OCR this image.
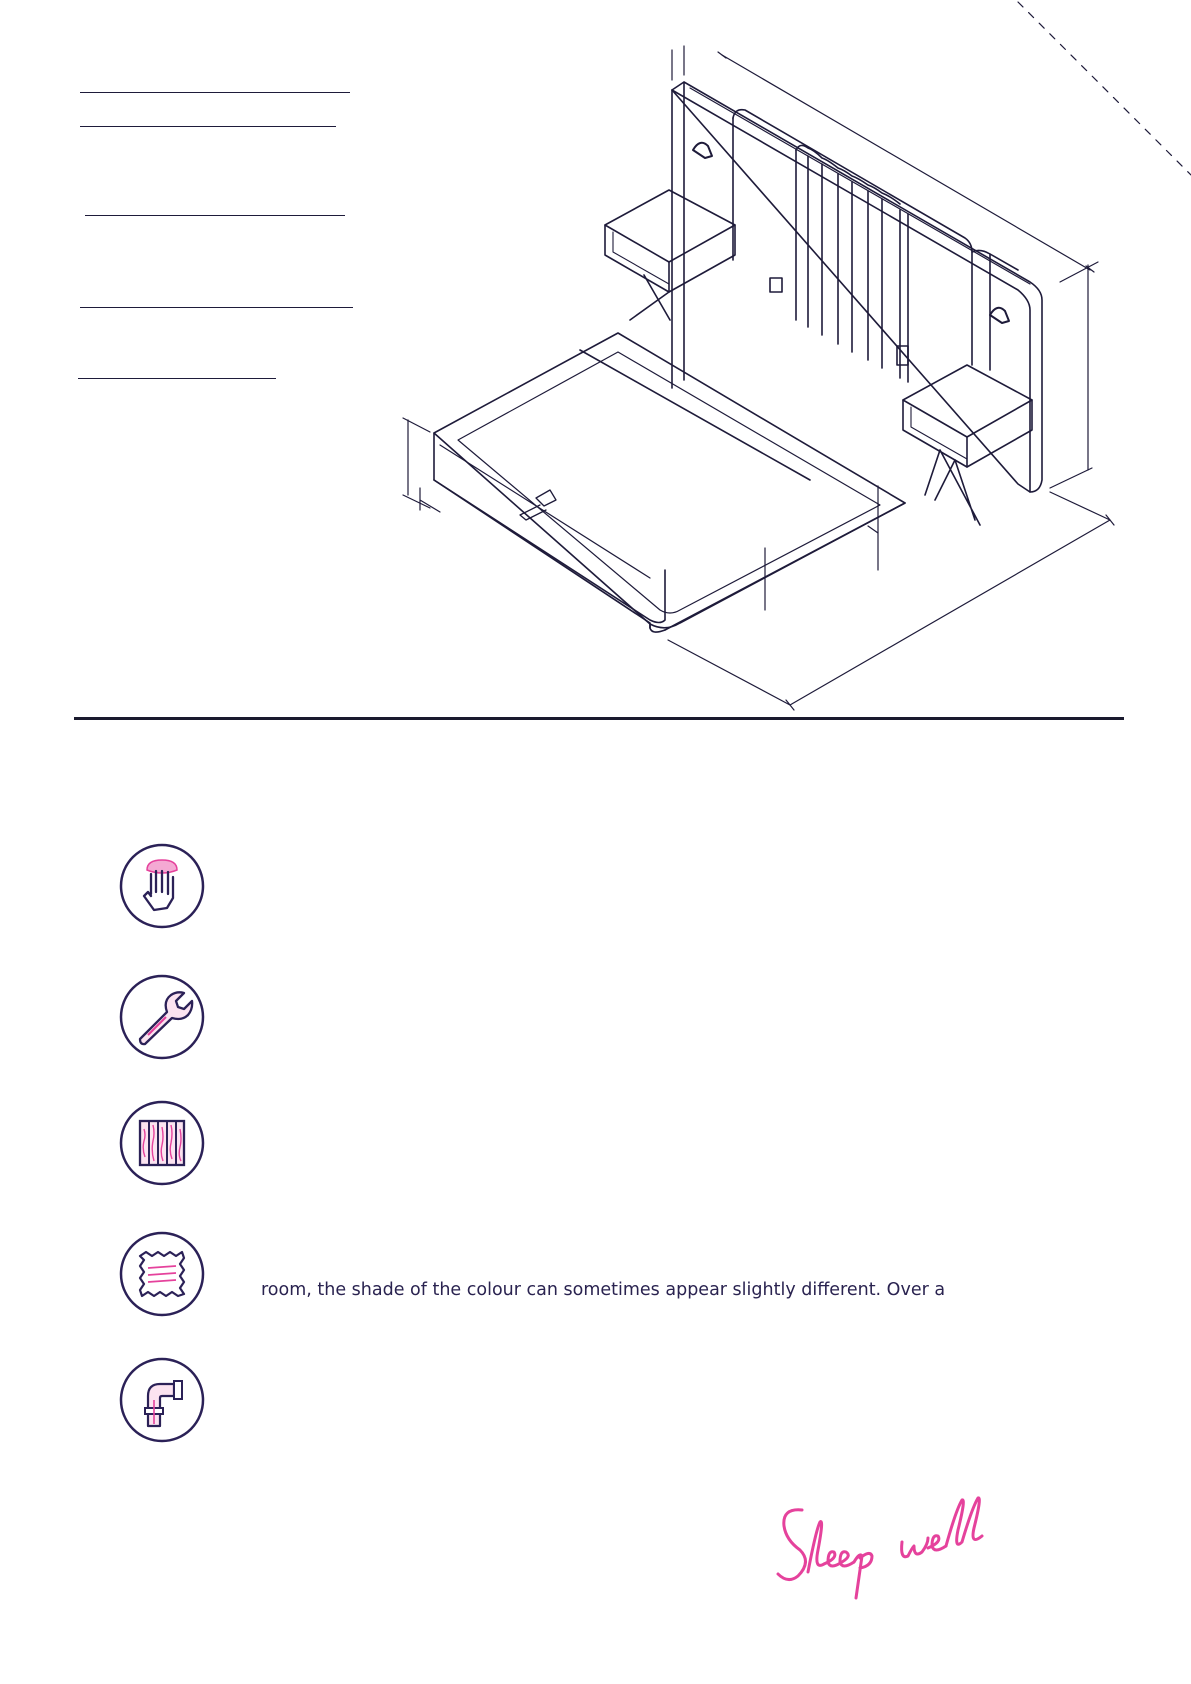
room, the shade of the colour can sometimes appear slightly different. Over a
